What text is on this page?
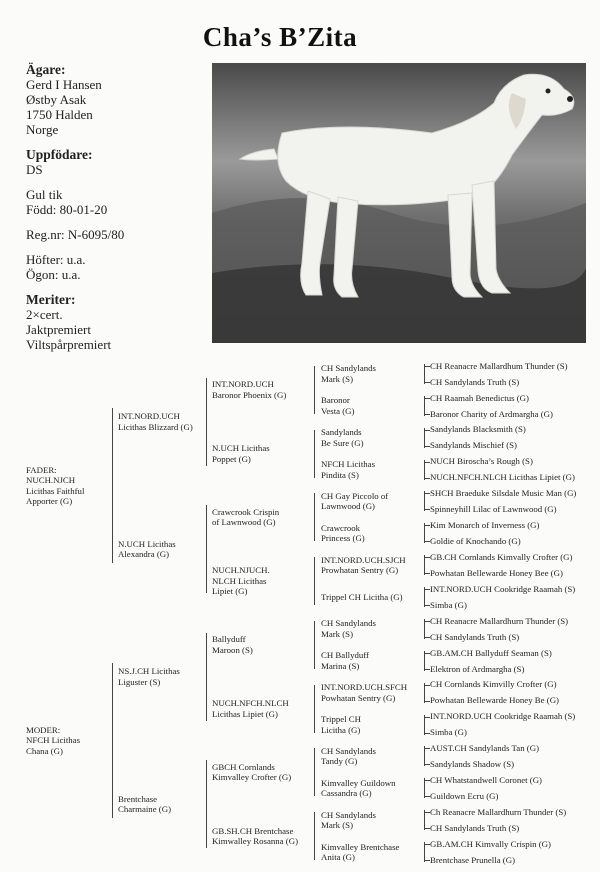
Cha’s B’Zita
Ägare:
Gerd I Hansen
Østby Asak
1750 Halden
Norge
Uppfödare:
DS
Gul tik
Född: 80-01-20
Reg.nr: N-6095/80
Höfter: u.a.
Ögon: u.a.
Meriter:
2×cert.
Jaktpremiert
Viltspårpremiert
CH Reanacre Mallardhum Thunder (S)
CH Sandylands Truth (S)
CH Raamah Benedictus (G)
Baronor Charity of Ardmargha (G)
Sandylands Blacksmith (S)
Sandylands Mischief (S)
NUCH Biroscha’s Rough (S)
NUCH.NFCH.NLCH Licithas Lipiet (G)
SHCH Braeduke Silsdale Music Man (G)
Spinneyhill Lilac of Lawnwood (G)
Kim Monarch of Inverness (G)
Goldie of Knochando (G)
GB.CH Cornlands Kimvally Crofter (G)
Powhatan Bellewarde Honey Bee (G)
INT.NORD.UCH Cookridge Raamah (S)
Simba (G)
CH Reanacre Mallardhurn Thunder (S)
CH Sandylands Truth (S)
GB.AM.CH Ballyduff Seaman (S)
Elektron of Ardmargha (S)
CH Cornlands Kimvilly Crofter (G)
Powhatan Bellewarde Honey Be (G)
INT.NORD.UCH Cookridge Raamah (S)
Simba (G)
AUST.CH Sandylands Tan (G)
Sandylands Shadow (S)
CH Whatstandwell Coronet (G)
Guildown Ecru (G)
Ch Reanacre Mallardhurn Thunder (S)
CH Sandylands Truth (S)
GB.AM.CH Kimvally Crispin (G)
Brentchase Prunella (G)
CH Sandylands
Mark (S)
Baronor
Vesta (G)
Sandylands
Be Sure (G)
NFCH Licithas
Pindita (S)
CH Gay Piccolo of
Lawnwood (G)
Crawcrook
Princess (G)
INT.NORD.UCH.SJCH
Prowhatan Sentry (G)
Trippel CH Licitha (G)
CH Sandylands
Mark (S)
CH Ballyduff
Marina (S)
INT.NORD.UCH.SFCH
Powhatan Sentry (G)
Trippel CH
Licitha (G)
CH Sandylands
Tandy (G)
Kimvalley Guildown
Cassandra (G)
CH Sandylands
Mark (S)
Kimvalley Brentchase
Anita (G)
INT.NORD.UCH
Baronor Phoenix (G)
N.UCH Licithas
Poppet (G)
Crawcrook Crispin
of Lawnwood (G)
NUCH.NJUCH.
NLCH Licithas
Lipiet (G)
Ballyduff
Maroon (S)
NUCH.NFCH.NLCH
Licithas Lipiet (G)
GBCH Cornlands
Kimvalley Crofter (G)
GB.SH.CH Brentchase
Kimwalley Rosanna (G)
INT.NORD.UCH
Licithas Blizzard (G)
N.UCH Licithas
Alexandra (G)
NS.J.CH Licithas
Liguster (S)
Brentchase
Charmaine (G)
FADER:
NUCH.NJCH
Licithas Faithful
Apporter (G)
MODER:
NFCH Licithas
Chana (G)
